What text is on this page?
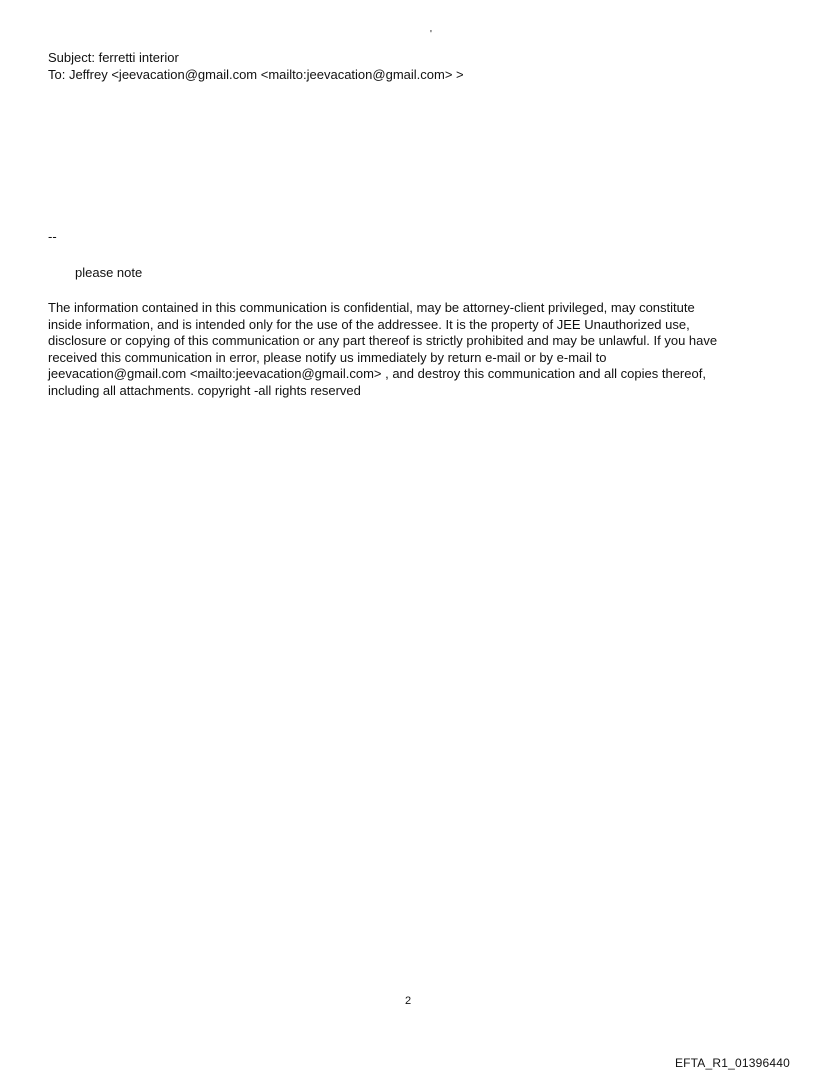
'
Subject: ferretti interior
To: Jeffrey <jeevacation@gmail.com <mailto:jeevacation@gmail.com> >
--
please note
The information contained in this communication is confidential, may be attorney-client privileged, may constitute
inside information, and is intended only for the use of the addressee. It is the property of JEE Unauthorized use,
disclosure or copying of this communication or any part thereof is strictly prohibited and may be unlawful. If you have
received this communication in error, please notify us immediately by return e-mail or by e-mail to
jeevacation@gmail.com <mailto:jeevacation@gmail.com> , and destroy this communication and all copies thereof,
including all attachments. copyright -all rights reserved
2
EFTA_R1_01396440
